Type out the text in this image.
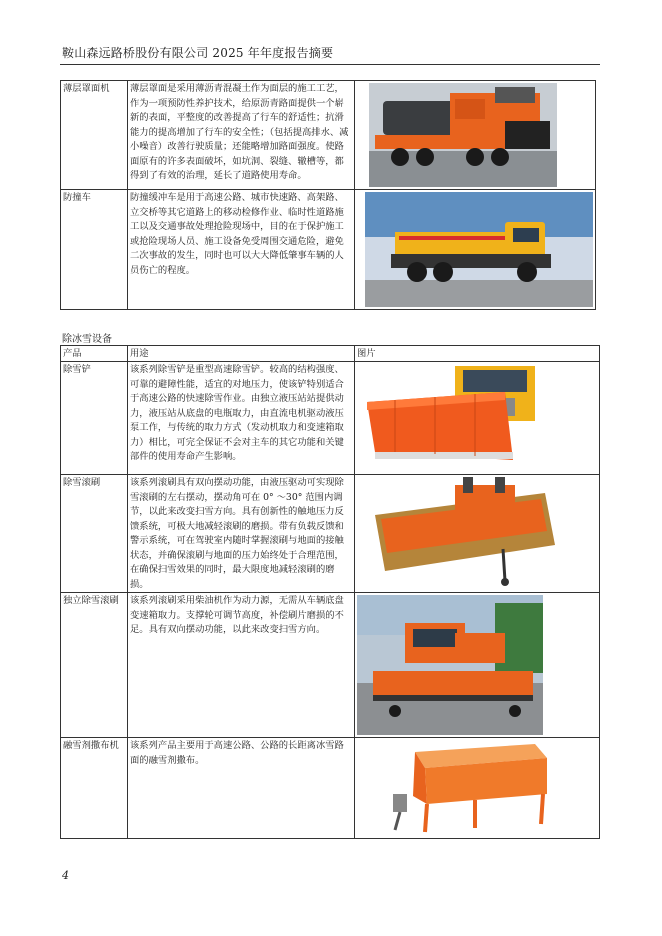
鞍山森远路桥股份有限公司 2025 年年度报告摘要
薄层罩面机	薄层罩面是采用薄沥青混凝土作为面层的施工工艺，作为一项预防性养护技术，给原沥青路面提供一个崭新的表面，平整度的改善提高了行车的舒适性；抗滑能力的提高增加了行车的安全性；（包括提高排水、减小噪音）改善行驶质量；还能略增加路面强度。使路面原有的许多表面破坏，如坑洞、裂缝、辙槽等，都得到了有效的治理，延长了道路使用寿命。	

防撞车	防撞缓冲车是用于高速公路、城市快速路、高架路、立交桥等其它道路上的移动检修作业、临时性道路施工以及交通事故处理抢险现场中，目的在于保护施工或抢险现场人员、施工设备免受周围交通危险，避免二次事故的发生，同时也可以大大降低肇事车辆的人员伤亡的程度。	
除冰雪设备
产品	用途	图片
除雪铲	该系列除雪铲是重型高速除雪铲。较高的结构强度、可靠的避障性能，适宜的对地压力，使该铲特别适合于高速公路的快速除雪作业。由独立液压站站提供动力，液压站从底盘的电瓶取力，由直流电机驱动液压泵工作，与传统的取力方式（发动机取力和变速箱取力）相比，可完全保证不会对主车的其它功能和关键部件的使用寿命产生影响。	

除雪滚刷	该系列滚刷具有双向摆动功能，由液压驱动可实现除雪滚刷的左右摆动，摆动角可在 0° ～30° 范围内调节，以此来改变扫雪方向。具有创新性的触地压力反馈系统，可极大地减轻滚刷的磨损。带有负载反馈和警示系统，可在驾驶室内随时掌握滚刷与地面的接触状态，并确保滚刷与地面的压力始终处于合理范围，在确保扫雪效果的同时，最大限度地减轻滚刷的磨损。	

独立除雪滚刷	该系列滚刷采用柴油机作为动力源，无需从车辆底盘变速箱取力。支撑轮可调节高度，补偿刷片磨损的不足。具有双向摆动功能，以此来改变扫雪方向。	

融雪剂撒布机	该系列产品主要用于高速公路、公路的长距离冰雪路面的融雪剂撒布。	
4
